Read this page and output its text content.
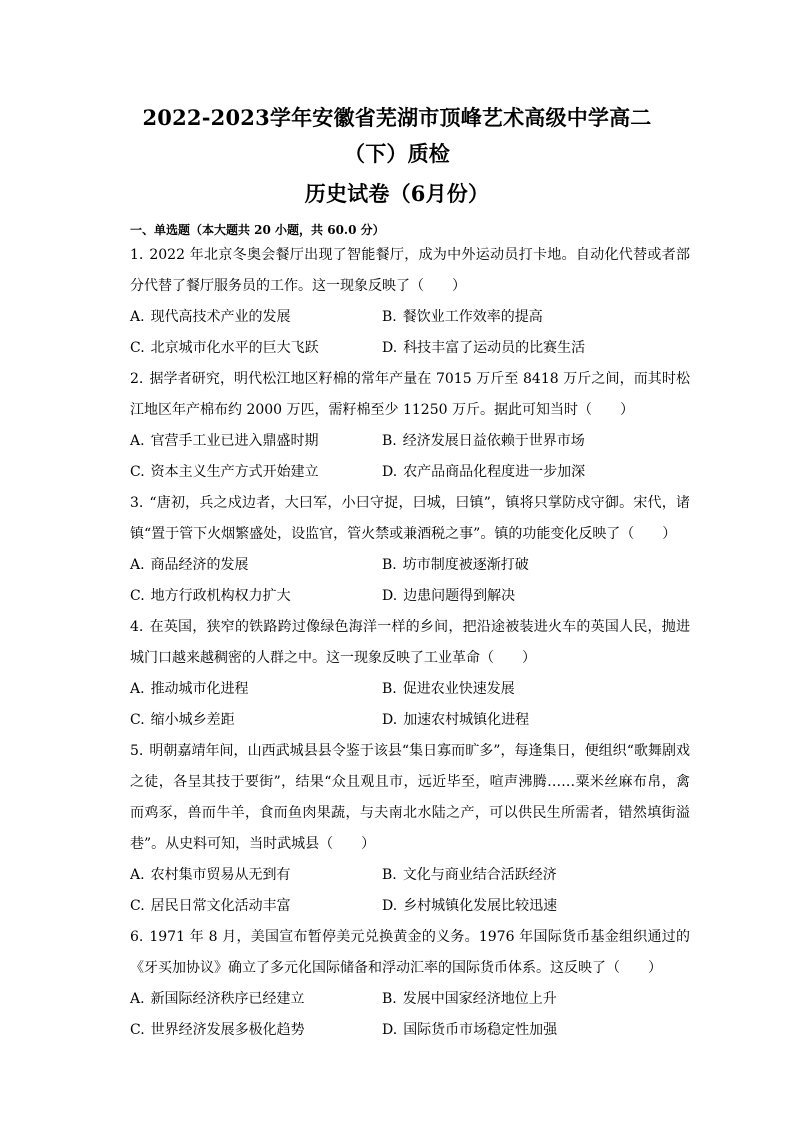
2022-2023学年安徽省芜湖市顶峰艺术高级中学高二（下）质检
历史试卷（6月份）
一、单选题（本大题共 20 小题，共 60.0 分）
1. 2022 年北京冬奥会餐厅出现了智能餐厅，成为中外运动员打卡地。自动化代替或者部分代替了餐厅服务员的工作。这一现象反映了（　　）
A. 现代高技术产业的发展	B. 餐饮业工作效率的提高
C. 北京城市化水平的巨大飞跃	D. 科技丰富了运动员的比赛生活
2. 据学者研究，明代松江地区籽棉的常年产量在 7015 万斤至 8418 万斤之间，而其时松江地区年产棉布约 2000 万匹，需籽棉至少 11250 万斤。据此可知当时（　　）
A. 官营手工业已进入鼎盛时期	B. 经济发展日益依赖于世界市场
C. 资本主义生产方式开始建立	D. 农产品商品化程度进一步加深
3. “唐初，兵之戍边者，大曰军，小曰守捉，曰城，曰镇”，镇将只掌防戍守御。宋代，诸镇“置于管下火烟繁盛处，设监官，管火禁或兼酒税之事”。镇的功能变化反映了（　　）
A. 商品经济的发展	B. 坊市制度被逐渐打破
C. 地方行政机构权力扩大	D. 边患问题得到解决
4. 在英国，狭窄的铁路跨过像绿色海洋一样的乡间，把沿途被装进火车的英国人民，抛进城门口越来越稠密的人群之中。这一现象反映了工业革命（　　）
A. 推动城市化进程	B. 促进农业快速发展
C. 缩小城乡差距	D. 加速农村城镇化进程
5. 明朝嘉靖年间，山西武城县县令鉴于该县“集日寡而旷多”，每逢集日，便组织“歌舞剧戏之徒，各呈其技于要街”，结果“众且观且市，远近毕至，喧声沸腾……粟米丝麻布帛，禽而鸡豕，兽而牛羊，食而鱼肉果蔬，与夫南北水陆之产，可以供民生所需者，错然填街溢巷”。从史料可知，当时武城县（　　）
A. 农村集市贸易从无到有	B. 文化与商业结合活跃经济
C. 居民日常文化活动丰富	D. 乡村城镇化发展比较迅速
6. 1971 年 8 月，美国宣布暂停美元兑换黄金的义务。1976 年国际货币基金组织通过的《牙买加协议》确立了多元化国际储备和浮动汇率的国际货币体系。这反映了（　　）
A. 新国际经济秩序已经建立	B. 发展中国家经济地位上升
C. 世界经济发展多极化趋势	D. 国际货币市场稳定性加强
